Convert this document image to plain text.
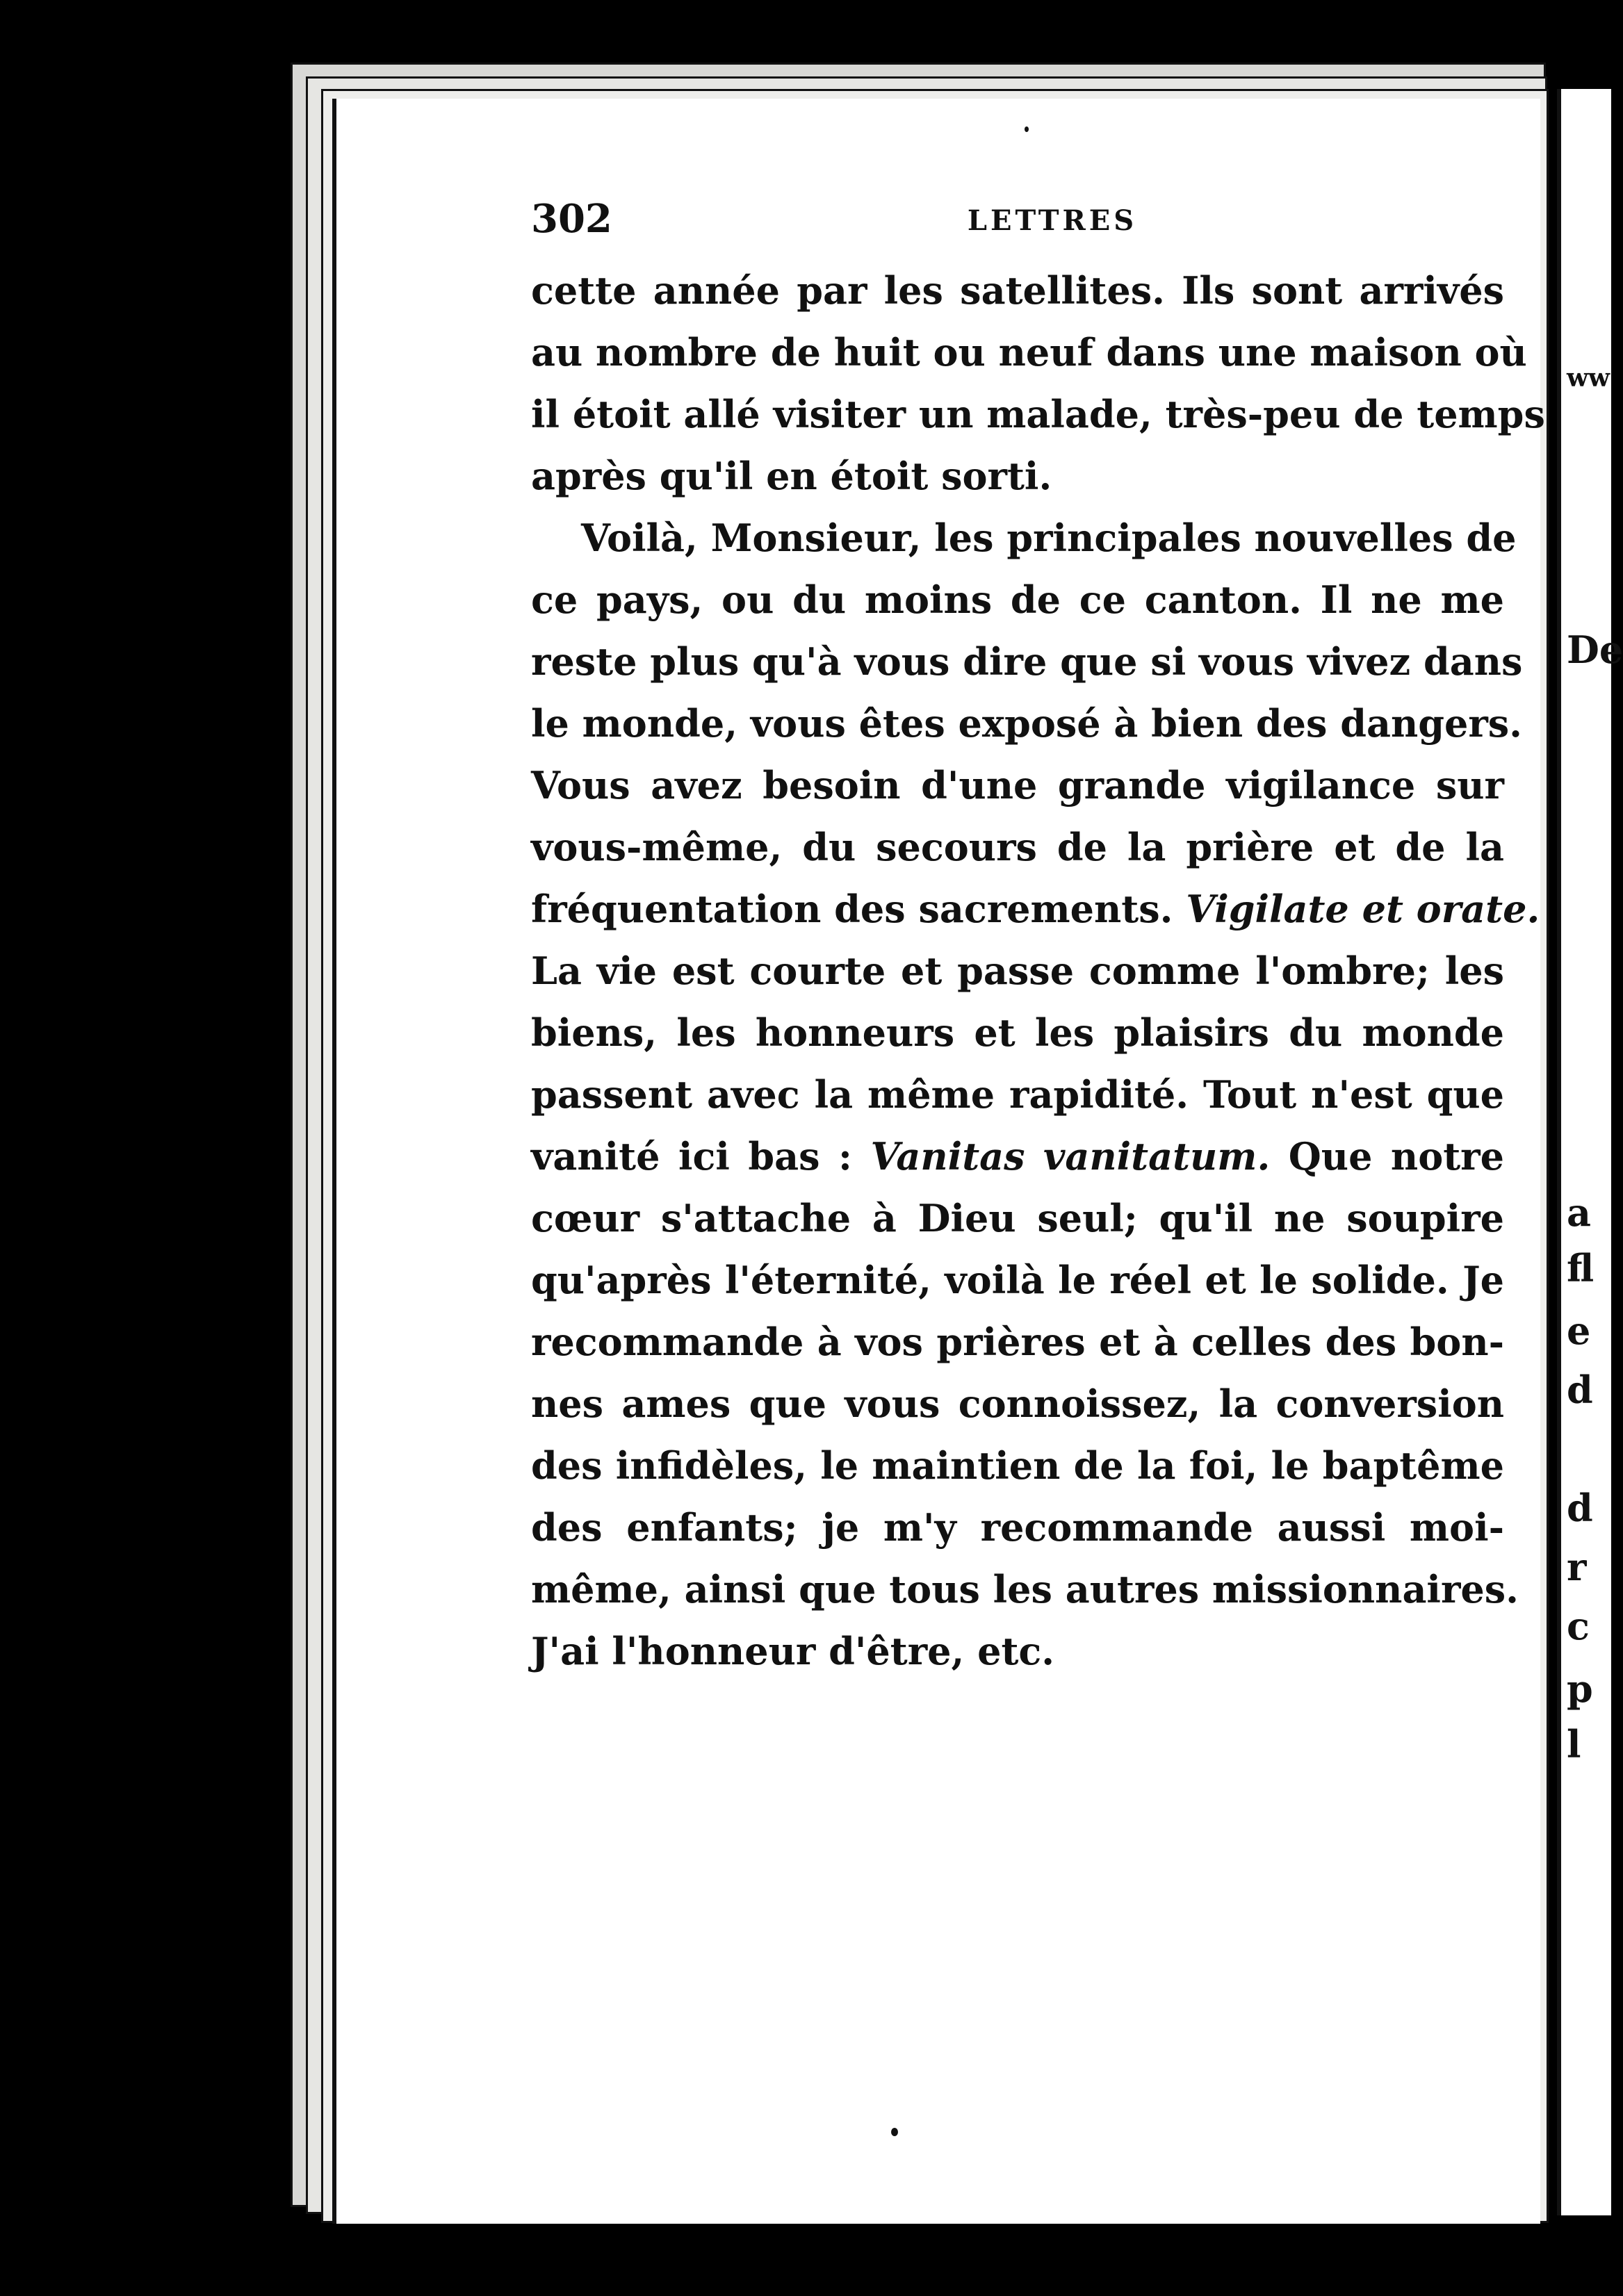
302	LETTRES
cette année par les satellites. Ils sont arrivés
au nombre de huit ou neuf dans une maison où
il étoit allé visiter un malade, très-peu de temps
après qu'il en étoit sorti.
Voilà, Monsieur, les principales nouvelles de
ce pays, ou du moins de ce canton. Il ne me
reste plus qu'à vous dire que si vous vivez dans
le monde, vous êtes exposé à bien des dangers.
Vous avez besoin d'une grande vigilance sur
vous-même, du secours de la prière et de la
fréquentation des sacrements. Vigilate et orate.
La vie est courte et passe comme l'ombre; les
biens, les honneurs et les plaisirs du monde
passent avec la même rapidité. Tout n'est que
vanité ici bas : Vanitas vanitatum. Que notre
cœur s'attache à Dieu seul; qu'il ne soupire
qu'après l'éternité, voilà le réel et le solide. Je
recommande à vos prières et à celles des bon-
nes ames que vous connoissez, la conversion
des infidèles, le maintien de la foi, le baptême
des enfants; je m'y recommande aussi moi-
même, ainsi que tous les autres missionnaires.
J'ai l'honneur d'être, etc.
ww
De
a
fl
e
d
d
r
c
p
l
